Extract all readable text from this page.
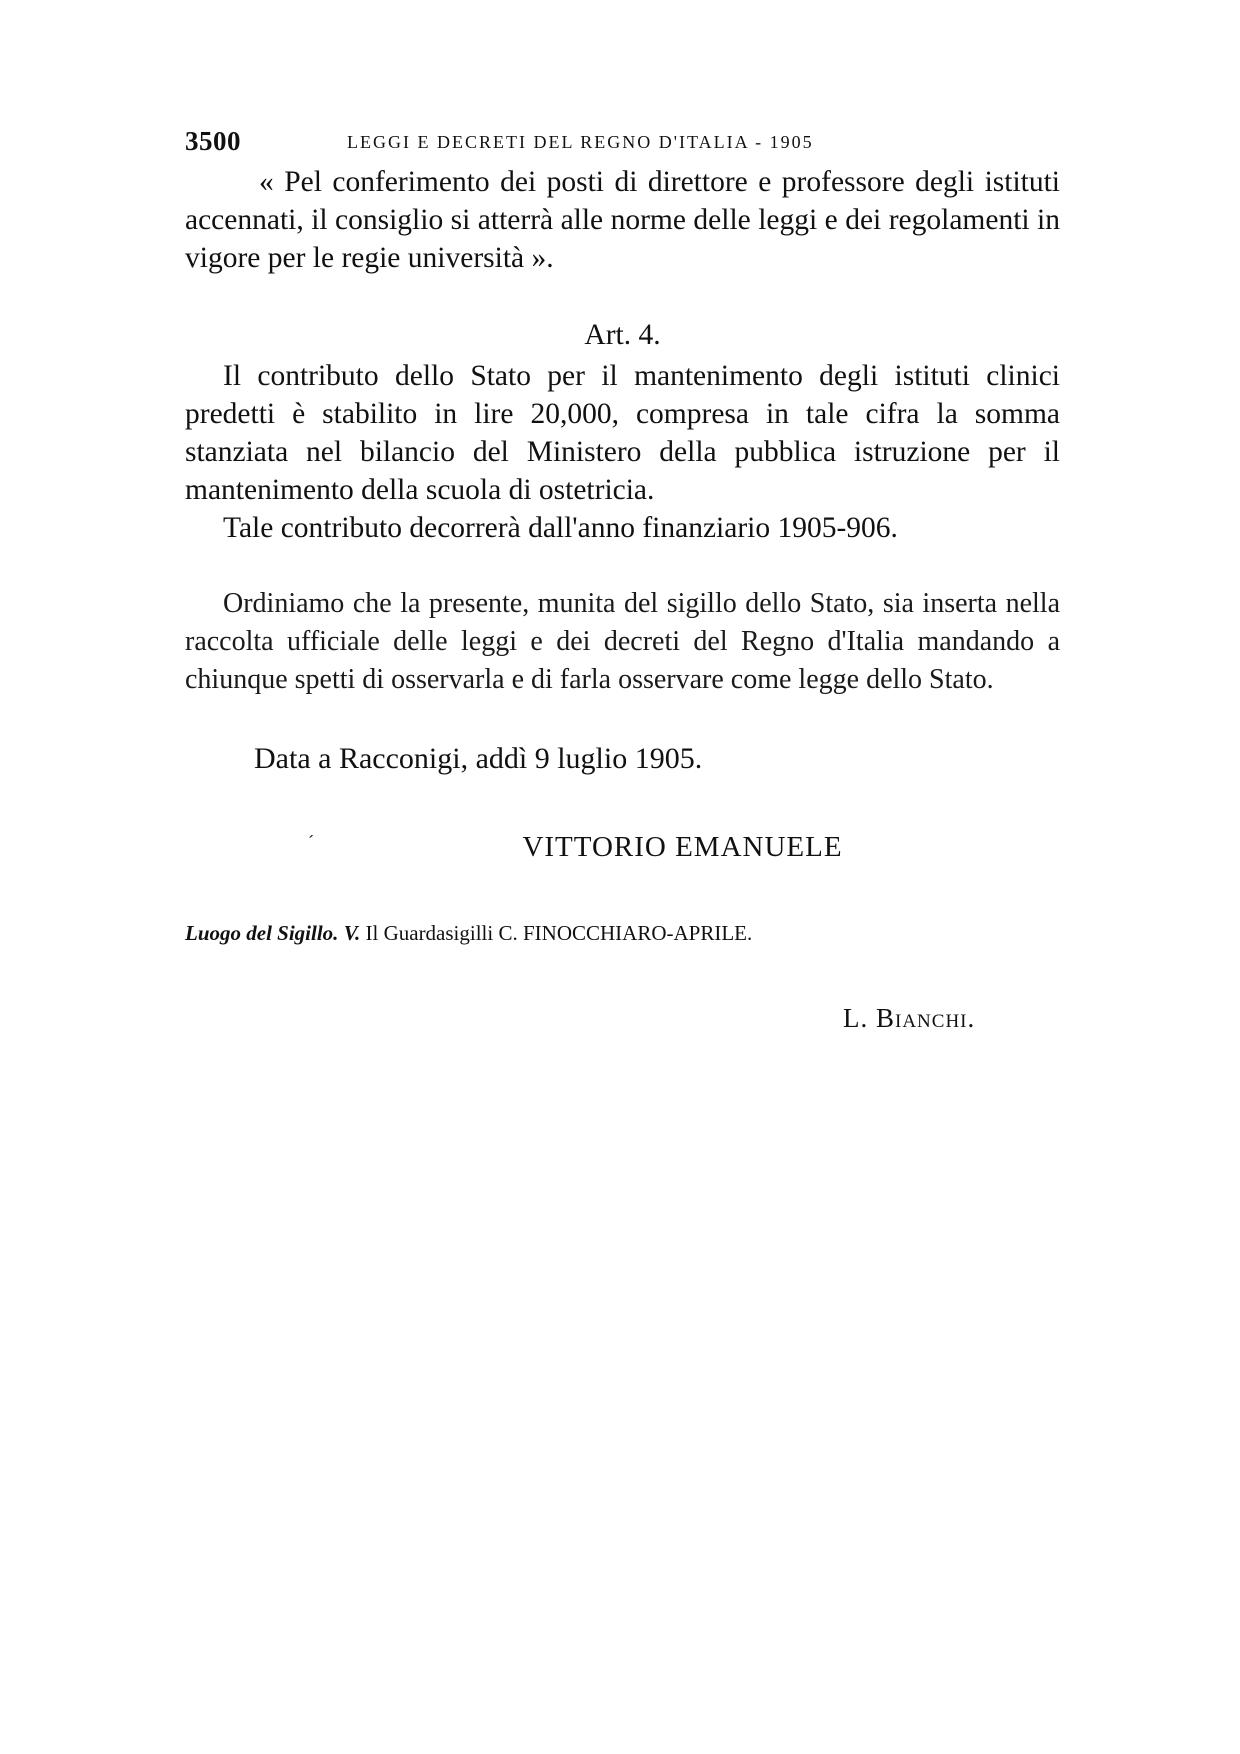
3500	LEGGI E DECRETI DEL REGNO D'ITALIA - 1905

« Pel conferimento dei posti di direttore e professore degli istituti accennati, il consiglio si atterrà alle norme delle leggi e dei regolamenti in vigore per le regie università ».

Art. 4.

Il contributo dello Stato per il mantenimento degli istituti clinici predetti è stabilito in lire 20,000, compresa in tale cifra la somma stanziata nel bilancio del Ministero della pubblica istruzione per il mantenimento della scuola di ostetricia.

Tale contributo decorrerà dall'anno finanziario 1905-906.

Ordiniamo che la presente, munita del sigillo dello Stato, sia inserta nella raccolta ufficiale delle leggi e dei decreti del Regno d'Italia mandando a chiunque spetti di osservarla e di farla osservare come legge dello Stato.

Data a Racconigi, addì 9 luglio 1905.
´	VITTORIO EMANUELE
Luogo del Sigillo. V. Il Guardasigilli C. FINOCCHIARO-APRILE.
L. Bianchi.
